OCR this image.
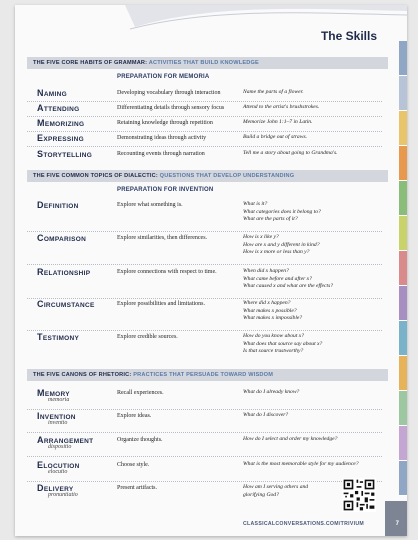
The Skills
THE FIVE CORE HABITS OF GRAMMAR: ACTIVITIES THAT BUILD KNOWLEDGE
PREPARATION FOR MEMORIA
NAMING	Developing vocabulary through interaction	Name the parts of a flower.
ATTENDING	Differentiating details through sensory focus	Attend to the artist's brushstrokes.
MEMORIZING	Retaining knowledge through repetition	Memorize John 1:1–7 in Latin.
EXPRESSING	Demonstrating ideas through activity	Build a bridge out of straws.
STORYTELLING	Recounting events through narration	Tell me a story about going to Grandma's.
THE FIVE COMMON TOPICS OF DIALECTIC: QUESTIONS THAT DEVELOP UNDERSTANDING
PREPARATION FOR INVENTION
DEFINITION	Explore what something is.	What is it?
What categories does it belong to?
What are the parts of it?
COMPARISON	Explore similarities, then differences.	How is x like y?
How are x and y different in kind?
How is x more or less than y?
RELATIONSHIP	Explore connections with respect to time.	When did x happen?
What came before and after x?
What caused x and what are the effects?
CIRCUMSTANCE	Explore possibilities and limitations.	Where did x happen?
What makes x possible?
What makes x impossible?
TESTIMONY	Explore credible sources.	How do you know about x?
What does that source say about x?
Is that source trustworthy?
THE FIVE CANONS OF RHETORIC: PRACTICES THAT PERSUADE TOWARD WISDOM
MEMORY
memoria
Recall experiences.	What do I already know?
INVENTION
inventio
Explore ideas.	What do I discover?
ARRANGEMENT
dispositio
Organize thoughts.	How do I select and order my knowledge?
ELOCUTION
elocutio
Choose style.	What is the most memorable style for my audience?
DELIVERY
pronuntiatio
Present artifacts.	How am I serving others and
glorifying God?
CLASSICALCONVERSATIONS.COM/TRIVIUM	7
